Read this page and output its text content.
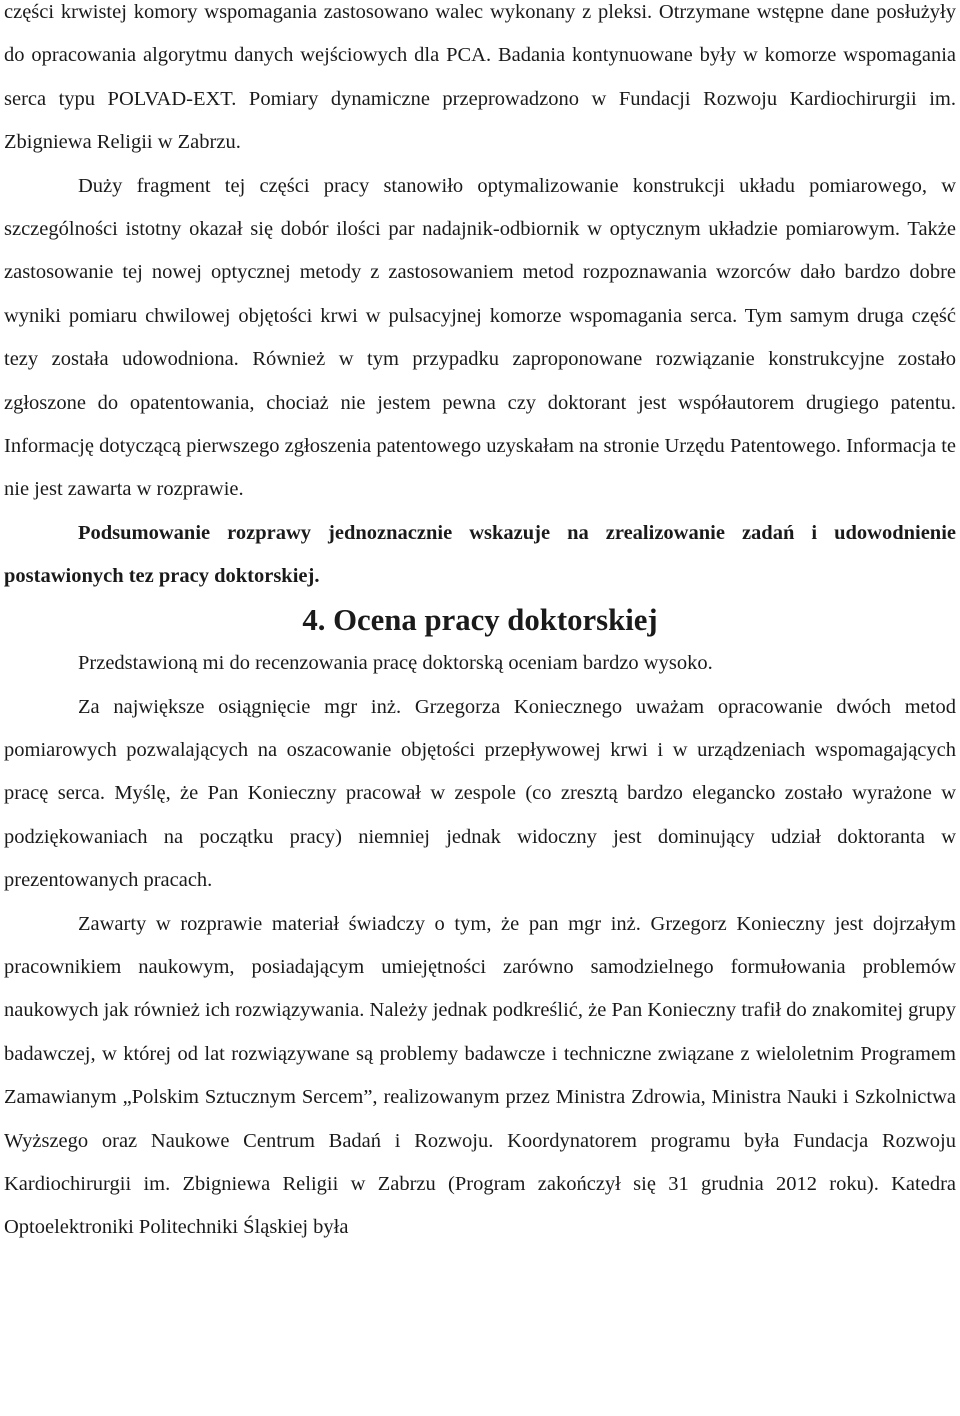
części krwistej komory wspomagania zastosowano walec wykonany z pleksi. Otrzymane wstępne dane posłużyły do opracowania algorytmu danych wejściowych dla PCA. Badania kontynuowane były w komorze wspomagania serca typu POLVAD-EXT. Pomiary dynamiczne przeprowadzono w Fundacji Rozwoju Kardiochirurgii im. Zbigniewa Religii w Zabrzu.

Duży fragment tej części pracy stanowiło optymalizowanie konstrukcji układu pomiarowego, w szczególności istotny okazał się dobór ilości par nadajnik-odbiornik w optycznym układzie pomiarowym. Także zastosowanie tej nowej optycznej metody z zastosowaniem metod rozpoznawania wzorców dało bardzo dobre wyniki pomiaru chwilowej objętości krwi w pulsacyjnej komorze wspomagania serca. Tym samym druga część tezy została udowodniona. Również w tym przypadku zaproponowane rozwiązanie konstrukcyjne zostało zgłoszone do opatentowania, chociaż nie jestem pewna czy doktorant jest współautorem drugiego patentu. Informację dotyczącą pierwszego zgłoszenia patentowego uzyskałam na stronie Urzędu Patentowego. Informacja te nie jest zawarta w rozprawie.

Podsumowanie rozprawy jednoznacznie wskazuje na zrealizowanie zadań i udowodnienie postawionych tez pracy doktorskiej.

4. Ocena pracy doktorskiej

Przedstawioną mi do recenzowania pracę doktorską oceniam bardzo wysoko.

Za największe osiągnięcie mgr inż. Grzegorza Koniecznego uważam opracowanie dwóch metod pomiarowych pozwalających na oszacowanie objętości przepływowej krwi i w urządzeniach wspomagających pracę serca. Myślę, że Pan Konieczny pracował w zespole (co zresztą bardzo elegancko zostało wyrażone w podziękowaniach na początku pracy) niemniej jednak widoczny jest dominujący udział doktoranta w prezentowanych pracach.

Zawarty w rozprawie materiał świadczy o tym, że pan mgr inż. Grzegorz Konieczny jest dojrzałym pracownikiem naukowym, posiadającym umiejętności zarówno samodzielnego formułowania problemów naukowych jak również ich rozwiązywania. Należy jednak podkreślić, że Pan Konieczny trafił do znakomitej grupy badawczej, w której od lat rozwiązywane są problemy badawcze i techniczne związane z wieloletnim Programem Zamawianym „Polskim Sztucznym Sercem”, realizowanym przez Ministra Zdrowia, Ministra Nauki i Szkolnictwa Wyższego oraz Naukowe Centrum Badań i Rozwoju. Koordynatorem programu była Fundacja Rozwoju Kardiochirurgii im. Zbigniewa Religii w Zabrzu (Program zakończył się 31 grudnia 2012 roku). Katedra Optoelektroniki Politechniki Śląskiej była
